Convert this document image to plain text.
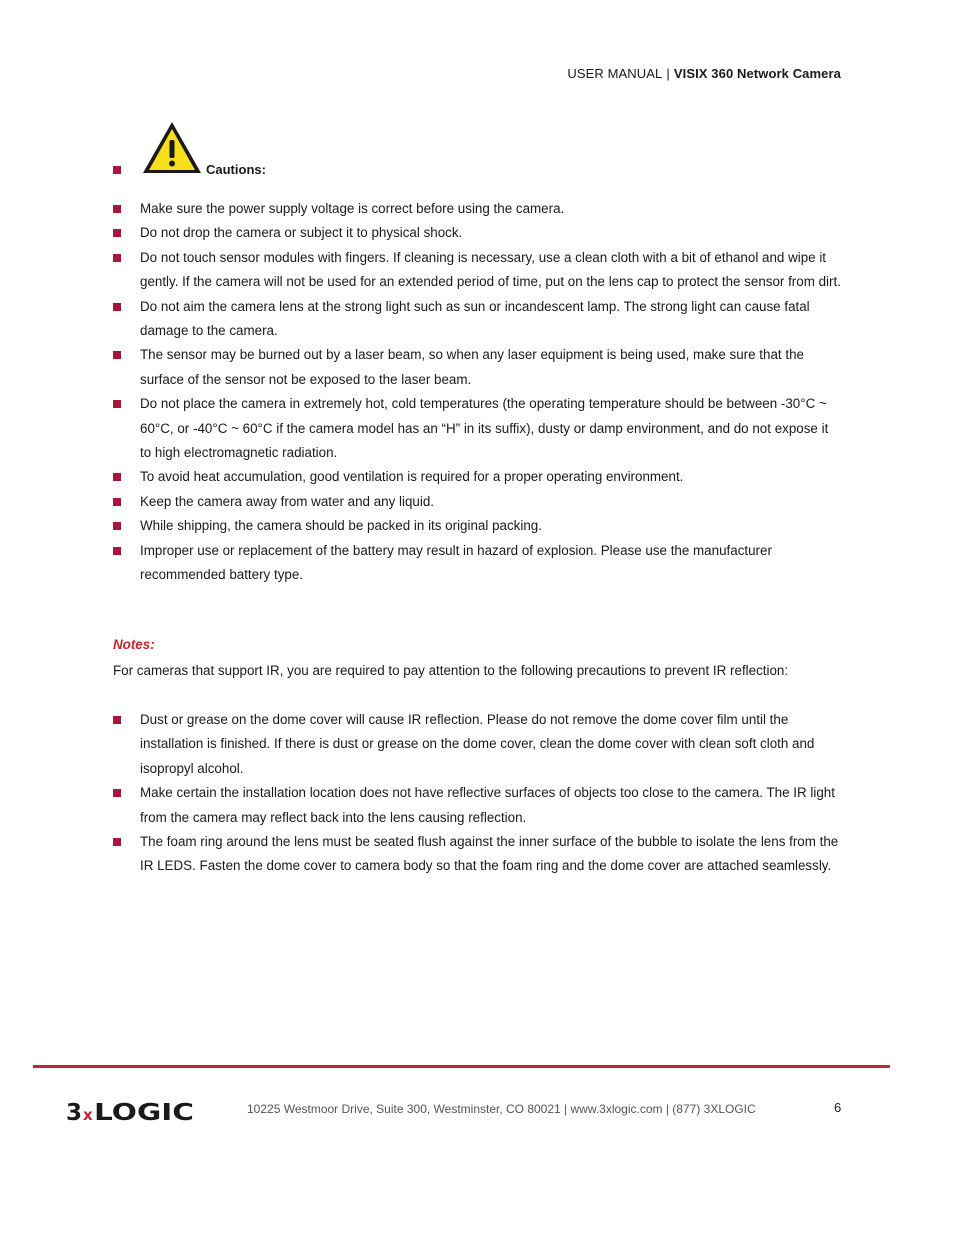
USER MANUAL | VISIX 360 Network Camera
Cautions:
Make sure the power supply voltage is correct before using the camera.
Do not drop the camera or subject it to physical shock.
Do not touch sensor modules with fingers. If cleaning is necessary, use a clean cloth with a bit of ethanol and wipe it gently. If the camera will not be used for an extended period of time, put on the lens cap to protect the sensor from dirt.
Do not aim the camera lens at the strong light such as sun or incandescent lamp. The strong light can cause fatal damage to the camera.
The sensor may be burned out by a laser beam, so when any laser equipment is being used, make sure that the surface of the sensor not be exposed to the laser beam.
Do not place the camera in extremely hot, cold temperatures (the operating temperature should be between -30°C ~ 60°C, or -40°C ~ 60°C if the camera model has an “H” in its suffix), dusty or damp environment, and do not expose it to high electromagnetic radiation.
To avoid heat accumulation, good ventilation is required for a proper operating environment.
Keep the camera away from water and any liquid.
While shipping, the camera should be packed in its original packing.
Improper use or replacement of the battery may result in hazard of explosion. Please use the manufacturer recommended battery type.
Notes:
For cameras that support IR, you are required to pay attention to the following precautions to prevent IR reflection:
Dust or grease on the dome cover will cause IR reflection. Please do not remove the dome cover film until the installation is finished. If there is dust or grease on the dome cover, clean the dome cover with clean soft cloth and isopropyl alcohol.
Make certain the installation location does not have reflective surfaces of objects too close to the camera. The IR light from the camera may reflect back into the lens causing reflection.
The foam ring around the lens must be seated flush against the inner surface of the bubble to isolate the lens from the IR LEDS. Fasten the dome cover to camera body so that the foam ring and the dome cover are attached seamlessly.
3 x LOGIC	10225 Westmoor Drive, Suite 300, Westminster, CO 80021 | www.3xlogic.com | (877) 3XLOGIC	6
